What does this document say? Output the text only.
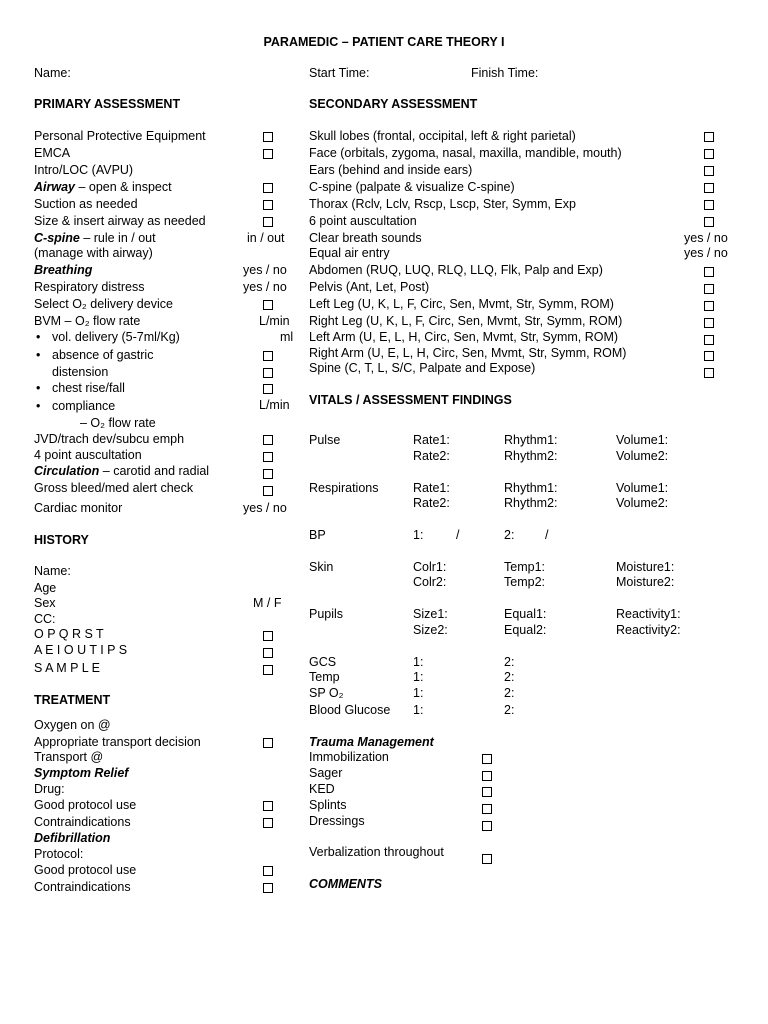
PARAMEDIC – PATIENT CARE THEORY I
Name:	Start Time:	Finish Time:
PRIMARY ASSESSMENT
Personal Protective Equipment
EMCA
Intro/LOC (AVPU)
Airway – open & inspect
Suction as needed
Size & insert airway as needed
C-spine – rule in / out	in / out
(manage with airway)
Breathing	yes / no
Respiratory distress	yes / no
Select O₂ delivery device
BVM – O₂ flow rate	L/min
• vol. delivery (5-7ml/Kg)	ml
• absence of gastric
distension
• chest rise/fall
• compliance	L/min
– O₂ flow rate
JVD/trach dev/subcu emph
4 point auscultation
Circulation – carotid and radial
Gross bleed/med alert check
Cardiac monitor	yes / no
HISTORY
Name:
Age
Sex	M / F
CC:
O P Q R S T
A E I O U T I P S
S A M P L E
TREATMENT
Oxygen on @
Appropriate transport decision
Transport @
Symptom Relief
Drug:
Good protocol use
Contraindications
Defibrillation
Protocol:
Good protocol use
Contraindications
SECONDARY ASSESSMENT
Skull lobes (frontal, occipital, left & right parietal)
Face (orbitals, zygoma, nasal, maxilla, mandible, mouth)
Ears (behind and inside ears)
C-spine (palpate & visualize C-spine)
Thorax (Rclv, Lclv, Rscp, Lscp, Ster, Symm, Exp
6 point auscultation
Clear breath sounds	yes / no
Equal air entry	yes / no
Abdomen (RUQ, LUQ, RLQ, LLQ, Flk, Palp and Exp)
Pelvis (Ant, Let, Post)
Left Leg (U, K, L, F, Circ, Sen, Mvmt, Str, Symm, ROM)
Right Leg (U, K, L, F, Circ, Sen, Mvmt, Str, Symm, ROM)
Left Arm (U, E, L, H, Circ, Sen, Mvmt, Str, Symm, ROM)
Right Arm (U, E, L, H, Circ, Sen, Mvmt, Str, Symm, ROM)
Spine (C, T, L, S/C, Palpate and Expose)
VITALS / ASSESSMENT FINDINGS
Pulse	Rate1:	Rhythm1:	Volume1:
Rate2:	Rhythm2:	Volume2:
Respirations	Rate1:	Rhythm1:	Volume1:
Rate2:	Rhythm2:	Volume2:
BP	1:	/	2: /
Skin	Colr1:	Temp1:	Moisture1:
Colr2:	Temp2:	Moisture2:
Pupils	Size1:	Equal1:	Reactivity1:
Size2:	Equal2:	Reactivity2:
GCS	1:	2:
Temp	1:	2:
SP O₂	1:	2:
Blood Glucose 1:	2:
Trauma Management
Immobilization
Sager
KED
Splints
Dressings
Verbalization throughout
COMMENTS
